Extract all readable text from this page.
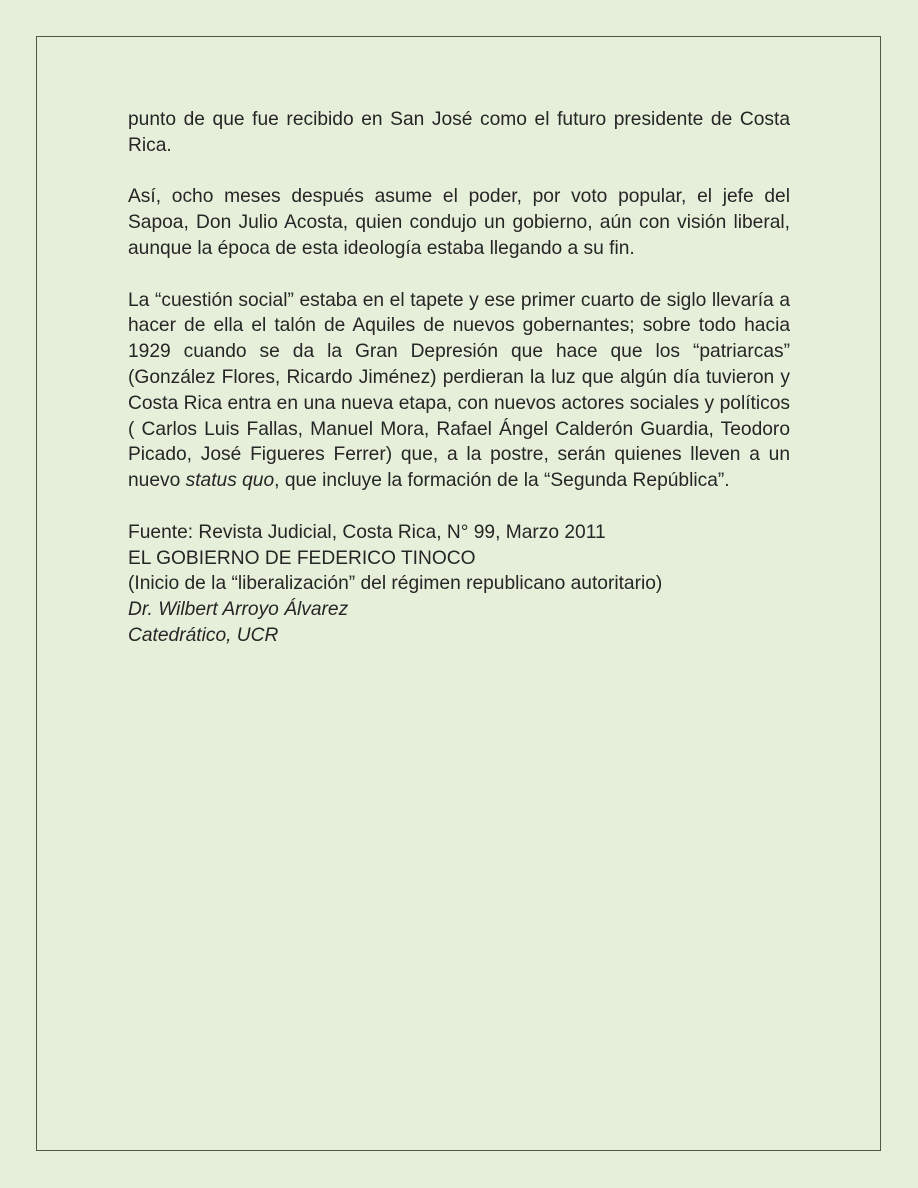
punto de que fue recibido en San José como el futuro presidente de Costa Rica.

Así, ocho meses después asume el poder, por voto popular, el jefe del Sapoa, Don Julio Acosta, quien condujo un gobierno, aún con visión liberal, aunque la época de esta ideología estaba llegando a su fin.

La “cuestión social” estaba en el tapete y ese primer cuarto de siglo llevaría a hacer de ella el talón de Aquiles de nuevos gobernantes; sobre todo hacia 1929 cuando se da la Gran Depresión que hace que los “patriarcas” (González Flores, Ricardo Jiménez) perdieran la luz que algún día tuvieron y Costa Rica entra en una nueva etapa, con nuevos actores sociales y políticos ( Carlos Luis Fallas, Manuel Mora, Rafael Ángel Calderón Guardia, Teodoro Picado, José Figueres Ferrer) que, a la postre, serán quienes lleven a un nuevo status quo, que incluye la formación de la “Segunda República”.

Fuente: Revista Judicial, Costa Rica, N° 99, Marzo 2011
EL GOBIERNO DE FEDERICO TINOCO
(Inicio de la “liberalización” del régimen republicano autoritario)
Dr. Wilbert Arroyo Álvarez
Catedrático, UCR
